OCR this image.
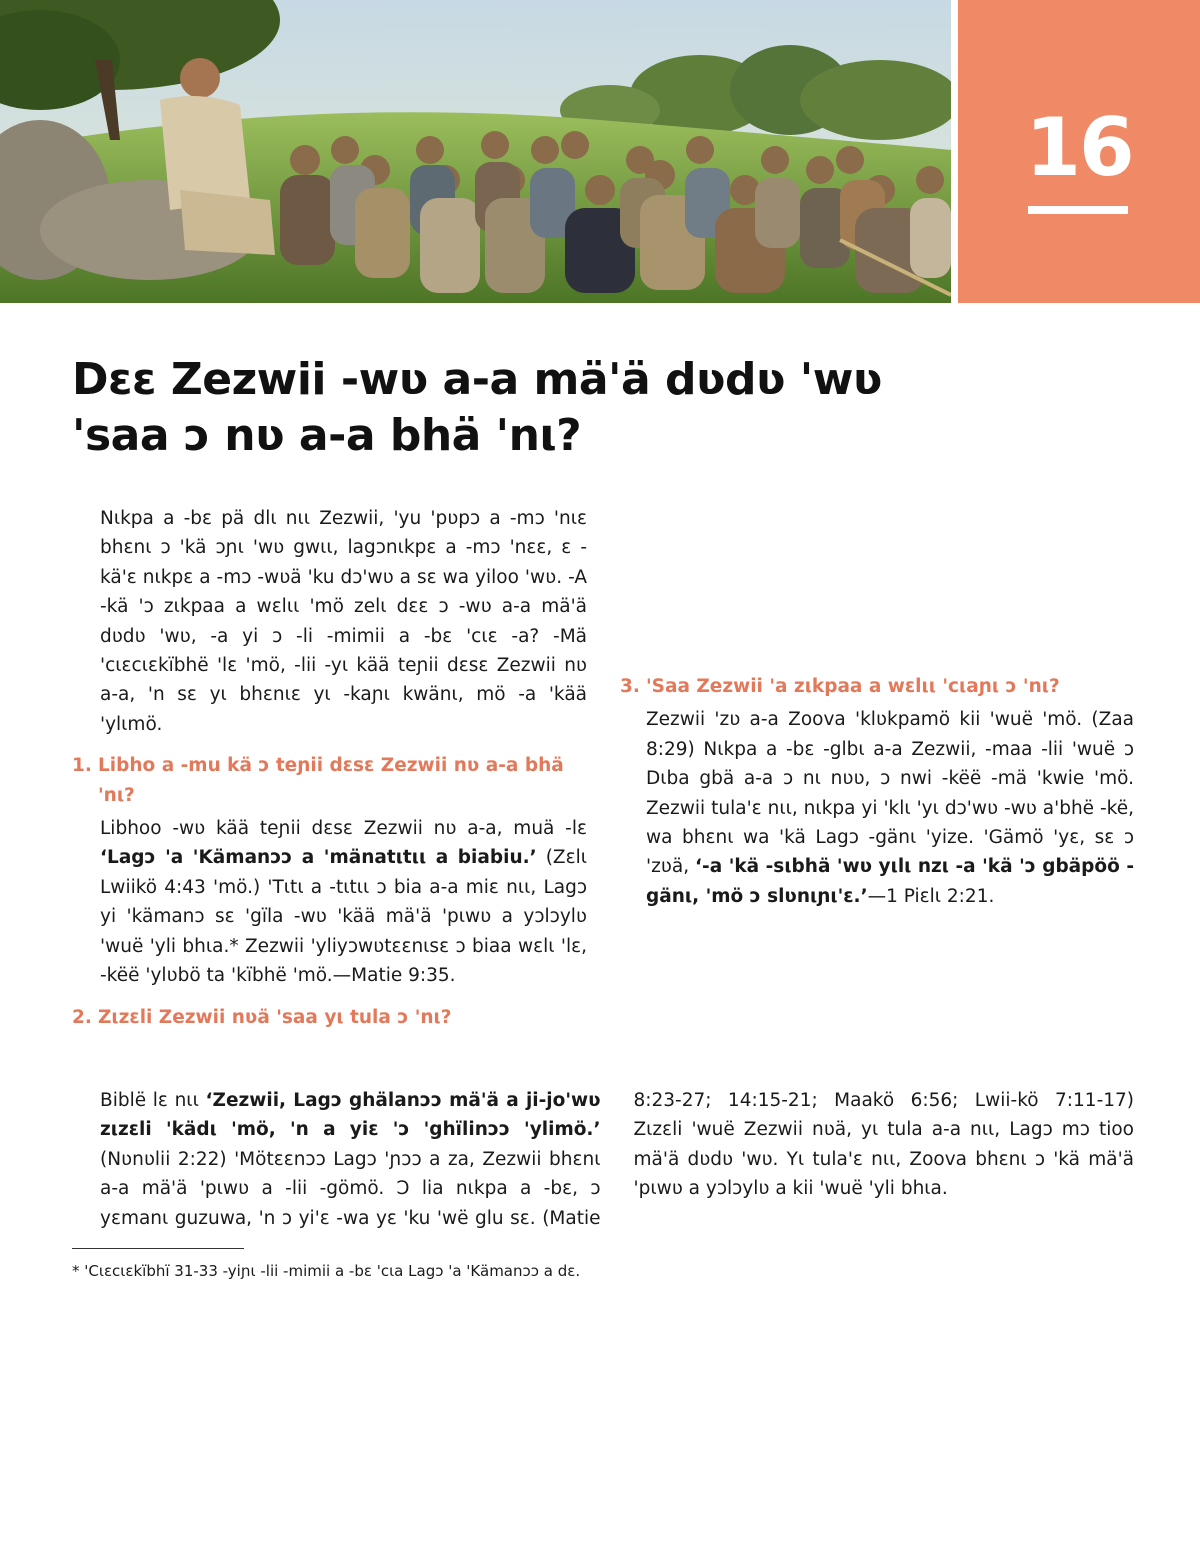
16
Dɛɛ Zezwii -wʋ a-a mä'ä dʋdʋ 'wʋ 'saa ɔ nʋ a-a bhä 'nι?

Nιkpa a -bɛ pä dlι nιι Zezwii, 'yu 'pʋpɔ a -mɔ 'nιɛ bhɛnι ɔ 'kä ɔɲι 'wʋ gwιι, lagɔnιkpɛ a -mɔ 'nɛɛ, ɛ -kä'ɛ nιkpɛ a -mɔ -wʋä 'ku dɔ'wʋ a sɛ wa yiloo 'wʋ. -A -kä 'ɔ zιkpaa a wɛlιι 'mö zelι dɛɛ ɔ -wʋ a-a mä'ä dʋdʋ 'wʋ, -a yi ɔ -li -mimii a -bɛ 'cιɛ -a? -Mä 'cιɛcιɛkïbhë 'lɛ 'mö, -lii -yι kää teɲii dɛsɛ Zezwii nʋ a-a, 'n sɛ yι bhɛnιɛ yι -kaɲι kwänι, mö -a 'kää 'ylιmö.

1. Libho a -mu kä ɔ teɲii dɛsɛ Zezwii nʋ a-a bhä 'nι?

Libhoo -wʋ kää teɲii dɛsɛ Zezwii nʋ a-a, muä -lɛ ‘Lagɔ 'a 'Kämanɔɔ a 'mänatιtιι a biabiu.’ (Zɛlι Lwiikö 4:43 'mö.) 'Tιtι a -tιtιι ɔ bia a-a miɛ nιι, Lagɔ yi 'kämanɔ sɛ 'gïla -wʋ 'kää mä'ä 'pιwʋ a yɔlɔylʋ 'wuë 'yli bhιa.* Zezwii 'yliyɔwʋtɛɛnιsɛ ɔ biaa wɛlι 'lɛ, -këë 'ylʋbö ta 'kïbhë 'mö.—Matie 9:35.

2. Zιzɛli Zezwii nʋä 'saa yι tula ɔ 'nι?

Biblë lɛ nιι ‘Zezwii, Lagɔ ghälanɔɔ mä'ä a ji-jo'wʋ zιzɛli 'kädι 'mö, 'n a yiɛ 'ɔ 'ghïlinɔɔ 'ylimö.’ (Nʋnʋlii 2:22) 'Mötɛɛnɔɔ Lagɔ 'ɲɔɔ a za, Zezwii bhɛnι a-a mä'ä 'pιwʋ a -lii -gömö. Ɔ lia nιkpa a -bɛ, ɔ yɛmanι guzuwa, 'n ɔ yi'ɛ -wa yɛ 'ku 'wë glu sɛ. (Matie 8:23-27; 14:15-21; Maakö 6:56; Lwii-kö 7:11-17) Zιzɛli 'wuë Zezwii nʋä, yι tula a-a nιι, Lagɔ mɔ tioo mä'ä dʋdʋ 'wʋ. Yι tula'ɛ nιι, Zoova bhɛnι ɔ 'kä mä'ä 'pιwʋ a yɔlɔylʋ a kii 'wuë 'yli bhιa.

3. 'Saa Zezwii 'a zιkpaa a wɛlιι 'cιaɲι ɔ 'nι?

Zezwii 'zʋ a-a Zoova 'klʋkpamö kii 'wuë 'mö. (Zaa 8:29) Nιkpa a -bɛ -glbι a-a Zezwii, -maa -lii 'wuë ɔ Dιba gbä a-a ɔ nι nʋʋ, ɔ nwi -këë -mä 'kwie 'mö. Zezwii tula'ɛ nιι, nιkpa yi 'klι 'yι dɔ'wʋ -wʋ a'bhë -kë, wa bhɛnι wa 'kä Lagɔ -gänι 'yize. 'Gämö 'yɛ, sɛ ɔ 'zʋä, ‘-a 'kä -sιbhä 'wʋ yιlι nzι -a 'kä 'ɔ gbäpöö -gänι, 'mö ɔ slʋnιɲι'ɛ.’—1 Piɛlι 2:21.

* 'Cιɛcιɛkïbhï 31-33 -yiɲι -lii -mimii a -bɛ 'cιa Lagɔ 'a 'Kämanɔɔ a dɛ.
